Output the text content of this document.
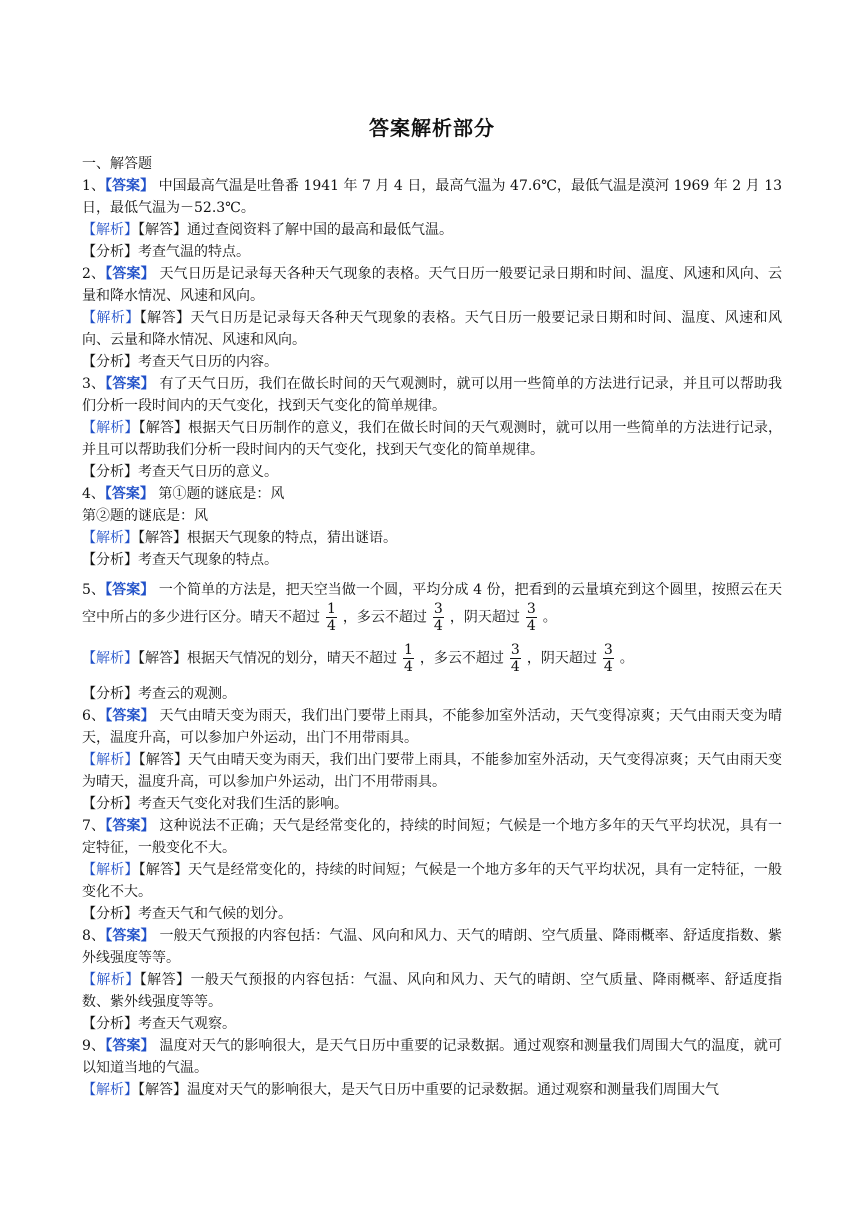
答案解析部分

一、解答题

1、【答案】 中国最高气温是吐鲁番 1941 年 7 月 4 日，最高气温为 47.6℃，最低气温是漠河 1969 年 2 月 13 日，最低气温为－52.3℃。

【解析】【解答】通过查阅资料了解中国的最高和最低气温。

【分析】考查气温的特点。

2、【答案】 天气日历是记录每天各种天气现象的表格。天气日历一般要记录日期和时间、温度、风速和风向、云量和降水情况、风速和风向。

【解析】【解答】天气日历是记录每天各种天气现象的表格。天气日历一般要记录日期和时间、温度、风速和风向、云量和降水情况、风速和风向。

【分析】考查天气日历的内容。

3、【答案】 有了天气日历，我们在做长时间的天气观测时，就可以用一些简单的方法进行记录，并且可以帮助我们分析一段时间内的天气变化，找到天气变化的简单规律。

【解析】【解答】根据天气日历制作的意义，我们在做长时间的天气观测时，就可以用一些简单的方法进行记录，并且可以帮助我们分析一段时间内的天气变化，找到天气变化的简单规律。

【分析】考查天气日历的意义。

4、【答案】 第①题的谜底是：风

第②题的谜底是：风

【解析】【解答】根据天气现象的特点，猜出谜语。

【分析】考查天气现象的特点。

5、【答案】 一个简单的方法是，把天空当做一个圆，平均分成 4 份，把看到的云量填充到这个圆里，按照云在天空中所占的多少进行区分。晴天不超过 $\frac{1}{4}$ ，多云不超过 $\frac{3}{4}$ ，阴天超过 $\frac{3}{4}$ 。

【解析】【解答】根据天气情况的划分，晴天不超过 $\frac{1}{4}$ ，多云不超过 $\frac{3}{4}$ ，阴天超过 $\frac{3}{4}$ 。

【分析】考查云的观测。

6、【答案】 天气由晴天变为雨天，我们出门要带上雨具，不能参加室外活动，天气变得凉爽；天气由雨天变为晴天，温度升高，可以参加户外运动，出门不用带雨具。

【解析】【解答】天气由晴天变为雨天，我们出门要带上雨具，不能参加室外活动，天气变得凉爽；天气由雨天变为晴天，温度升高，可以参加户外运动，出门不用带雨具。

【分析】考查天气变化对我们生活的影响。

7、【答案】 这种说法不正确；天气是经常变化的，持续的时间短；气候是一个地方多年的天气平均状况，具有一定特征，一般变化不大。

【解析】【解答】天气是经常变化的，持续的时间短；气候是一个地方多年的天气平均状况，具有一定特征，一般变化不大。

【分析】考查天气和气候的划分。

8、【答案】 一般天气预报的内容包括：气温、风向和风力、天气的晴朗、空气质量、降雨概率、舒适度指数、紫外线强度等等。

【解析】【解答】一般天气预报的内容包括：气温、风向和风力、天气的晴朗、空气质量、降雨概率、舒适度指数、紫外线强度等等。

【分析】考查天气观察。

9、【答案】 温度对天气的影响很大，是天气日历中重要的记录数据。通过观察和测量我们周围大气的温度，就可以知道当地的气温。

【解析】【解答】温度对天气的影响很大，是天气日历中重要的记录数据。通过观察和测量我们周围大气
